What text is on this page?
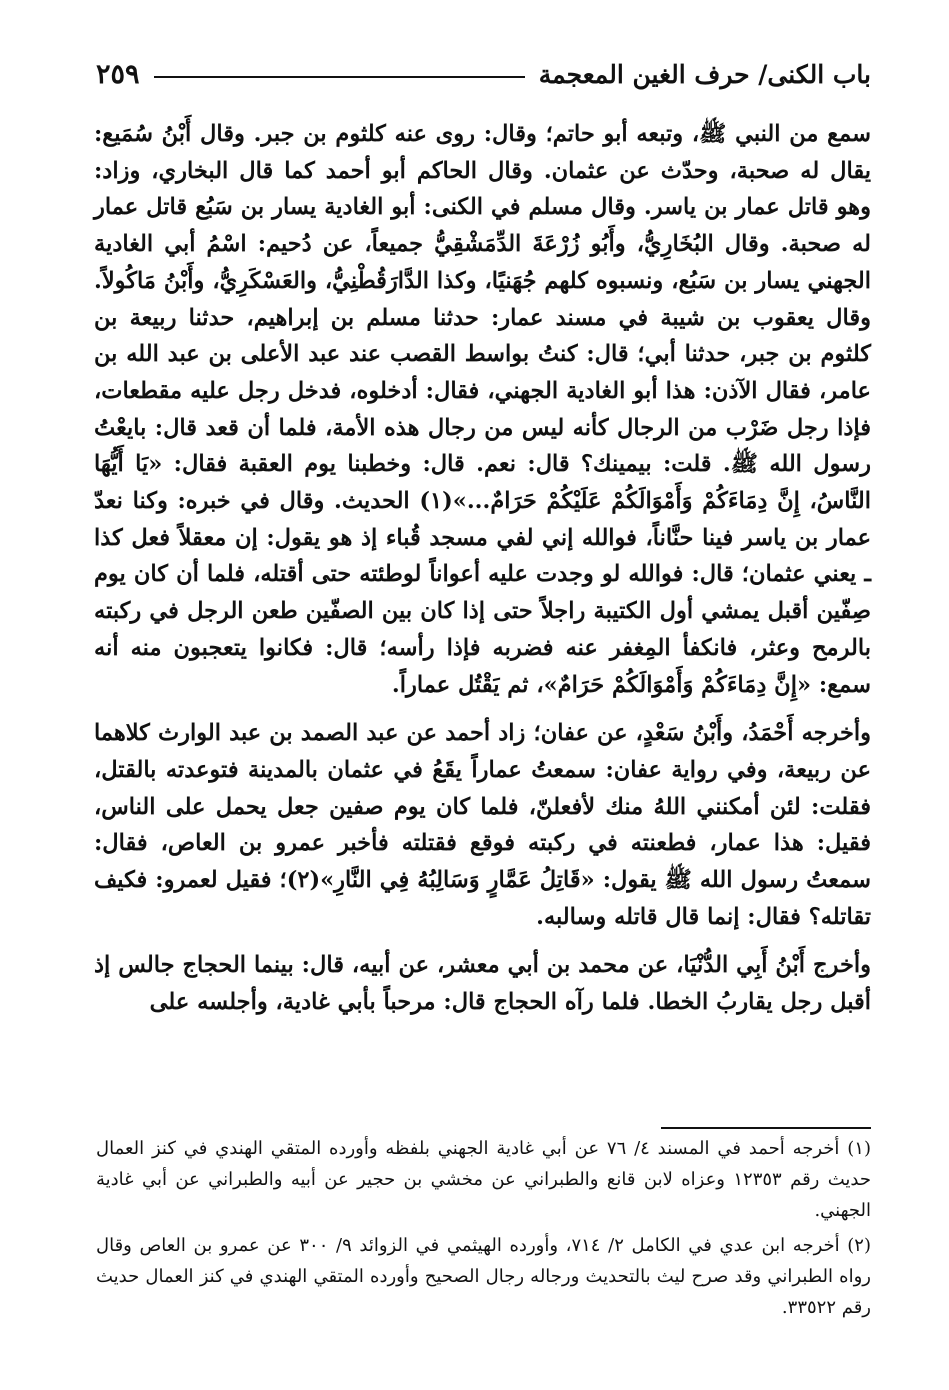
باب الكنى/ حرف الغين المعجمة
٢٥٩

سمع من النبي ﷺ، وتبعه أبو حاتم؛ وقال: روى عنه كلثوم بن جبر. وقال أَبْنُ سُمَيع: يقال له صحبة، وحدّث عن عثمان. وقال الحاكم أبو أحمد كما قال البخاري، وزاد: وهو قاتل عمار بن ياسر. وقال مسلم في الكنى: أبو الغادية يسار بن سَبُع قاتل عمار له صحبة. وقال البُخَارِيُّ، وأَبُو زُرْعَةَ الدِّمَشْقِيُّ جميعاً، عن دُحيم: اسْمُ أبي الغادية الجهني يسار بن سَبُع، ونسبوه كلهم جُهَنيًا، وكذا الدَّارَقُطْنِيُّ، والعَسْكَرِيُّ، وأَبْنُ مَاكُولاً. وقال يعقوب بن شيبة في مسند عمار: حدثنا مسلم بن إبراهيم، حدثنا ربيعة بن كلثوم بن جبر، حدثنا أبي؛ قال: كنتُ بواسط القصب عند عبد الأعلى بن عبد الله بن عامر، فقال الآذن: هذا أبو الغادية الجهني، فقال: أدخلوه، فدخل رجل عليه مقطعات، فإذا رجل ضَرْب من الرجال كأنه ليس من رجال هذه الأمة، فلما أن قعد قال: بايعْتُ رسول الله ﷺ. قلت: بيمينك؟ قال: نعم. قال: وخطبنا يوم العقبة فقال: «يَا أَيُّهَا النَّاسُ، إِنَّ دِمَاءَكُمْ وَأَمْوَالَكُمْ عَلَيْكُمْ حَرَامٌ...»(١) الحديث. وقال في خبره: وكنا نعدّ عمار بن ياسر فينا حنَّاناً، فوالله إني لفي مسجد قُباء إذ هو يقول: إن معقلاً فعل كذا ـ يعني عثمان؛ قال: فوالله لو وجدت عليه أعواناً لوطئته حتى أقتله، فلما أن كان يوم صِفّين أقبل يمشي أول الكتيبة راجلاً حتى إذا كان بين الصفّين طعن الرجل في ركبته بالرمح وعثر، فانكفأ المِغفر عنه فضربه فإذا رأسه؛ قال: فكانوا يتعجبون منه أنه سمع: «إِنَّ دِمَاءَكُمْ وَأَمْوَالَكُمْ حَرَامٌ»، ثم يَقْتُل عماراً.

وأخرجه أَحْمَدُ، وأَبْنُ سَعْدٍ، عن عفان؛ زاد أحمد عن عبد الصمد بن عبد الوارث كلاهما عن ربيعة، وفي رواية عفان: سمعتُ عماراً يقَعُ في عثمان بالمدينة فتوعدته بالقتل، فقلت: لئن أمكنني اللهُ منك لأفعلنّ، فلما كان يوم صفين جعل يحمل على الناس، فقيل: هذا عمار، فطعنته في ركبته فوقع فقتلته فأخبر عمرو بن العاص، فقال: سمعتُ رسول الله ﷺ يقول: «قَاتِلُ عَمَّارٍ وَسَالِبُهُ فِي النَّارِ»(٢)؛ فقيل لعمرو: فكيف تقاتله؟ فقال: إنما قال قاتله وسالبه.

وأخرج أَبْنُ أَبِي الدُّنْيَا، عن محمد بن أبي معشر، عن أبيه، قال: بينما الحجاج جالس إذ أقبل رجل يقاربُ الخطا. فلما رآه الحجاج قال: مرحباً بأبي غادية، وأجلسه على

(١) أخرجه أحمد في المسند ٤/ ٧٦ عن أبي غادية الجهني بلفظه وأورده المتقي الهندي في كنز العمال حديث رقم ١٢٣٥٣ وعزاه لابن قانع والطبراني عن مخشي بن حجير عن أبيه والطبراني عن أبي غادية الجهني.

(٢) أخرجه ابن عدي في الكامل ٢/ ٧١٤، وأورده الهيثمي في الزوائد ٩/ ٣٠٠ عن عمرو بن العاص وقال رواه الطبراني وقد صرح ليث بالتحديث ورجاله رجال الصحيح وأورده المتقي الهندي في كنز العمال حديث رقم ٣٣٥٢٢.
